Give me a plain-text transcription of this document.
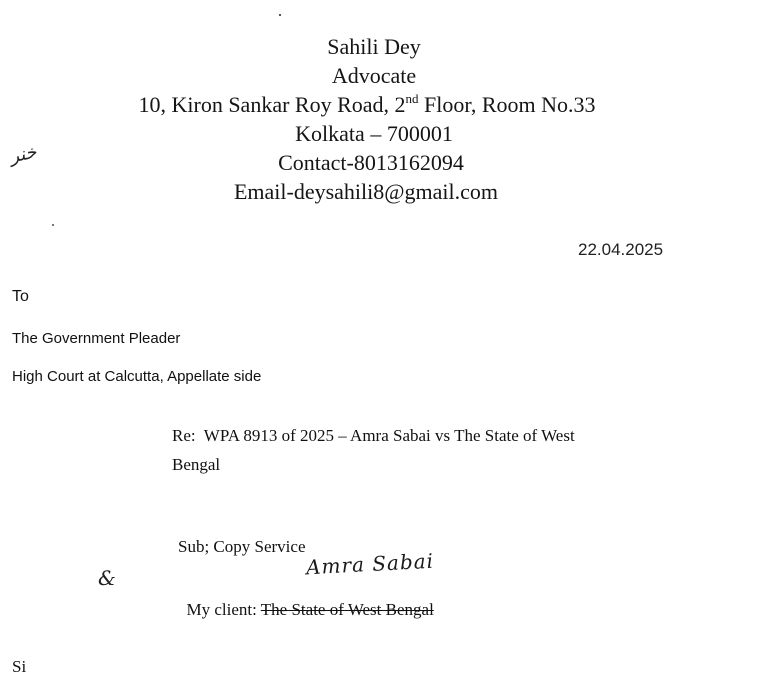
Sahili Dey
Advocate
10, Kiron Sankar Roy Road, 2nd Floor, Room No.33
Kolkata – 700001
Contact-8013162094
Email-deysahili8@gmail.com
ﺧﻨﺮ
22.04.2025
To
The Government Pleader
High Court at Calcutta, Appellate side
Re:  WPA 8913 of 2025 – Amra Sabai vs The State of West
Bengal
Sub; Copy Service
Amra Sabai
&

My client: The State of West Bengal

Si
